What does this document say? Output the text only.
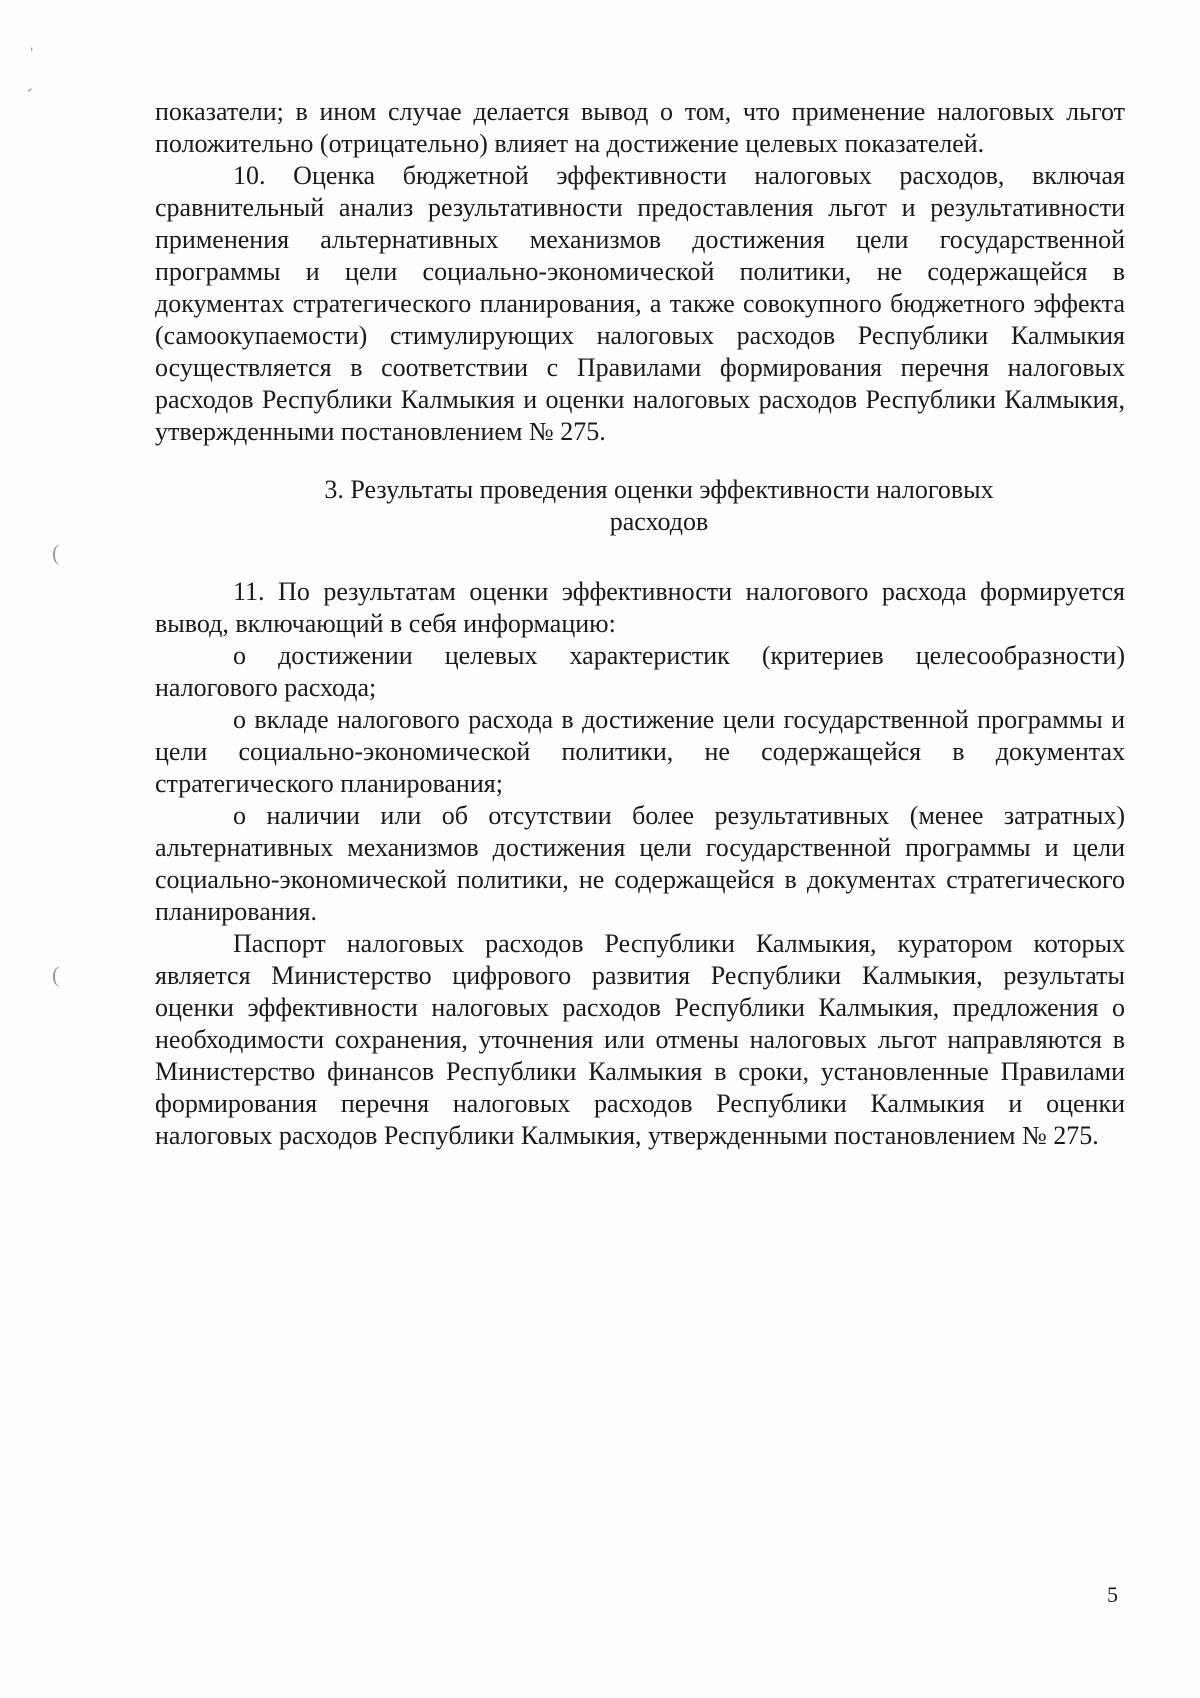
ˌ
ˊ
(
(

показатели; в ином случае делается вывод о том, что применение налоговых льгот положительно (отрицательно) влияет на достижение целевых показателей.

10. Оценка бюджетной эффективности налоговых расходов, включая сравнительный анализ результативности предоставления льгот и результативности применения альтернативных механизмов достижения цели государственной программы и цели социально-экономической политики, не содержащейся в документах стратегического планирования, а также совокупного бюджетного эффекта (самоокупаемости) стимулирующих налоговых расходов Республики Калмыкия осуществляется в соответствии с Правилами формирования перечня налоговых расходов Республики Калмыкия и оценки налоговых расходов Республики Калмыкия, утвержденными постановлением № 275.

3. Результаты проведения оценки эффективности налоговых
расходов

11. По результатам оценки эффективности налогового расхода формируется вывод, включающий в себя информацию:

о достижении целевых характеристик (критериев целесообразности) налогового расхода;

о вкладе налогового расхода в достижение цели государственной программы и цели социально-экономической политики, не содержащейся в документах стратегического планирования;

о наличии или об отсутствии более результативных (менее затратных) альтернативных механизмов достижения цели государственной программы и цели социально-экономической политики, не содержащейся в документах стратегического планирования.

Паспорт налоговых расходов Республики Калмыкия, куратором которых является Министерство цифрового развития Республики Калмыкия, результаты оценки эффективности налоговых расходов Республики Калмыкия, предложения о необходимости сохранения, уточнения или отмены налоговых льгот направляются в Министерство финансов Республики Калмыкия в сроки, установленные Правилами формирования перечня налоговых расходов Республики Калмыкия и оценки налоговых расходов Республики Калмыкия, утвержденными постановлением № 275.

5
